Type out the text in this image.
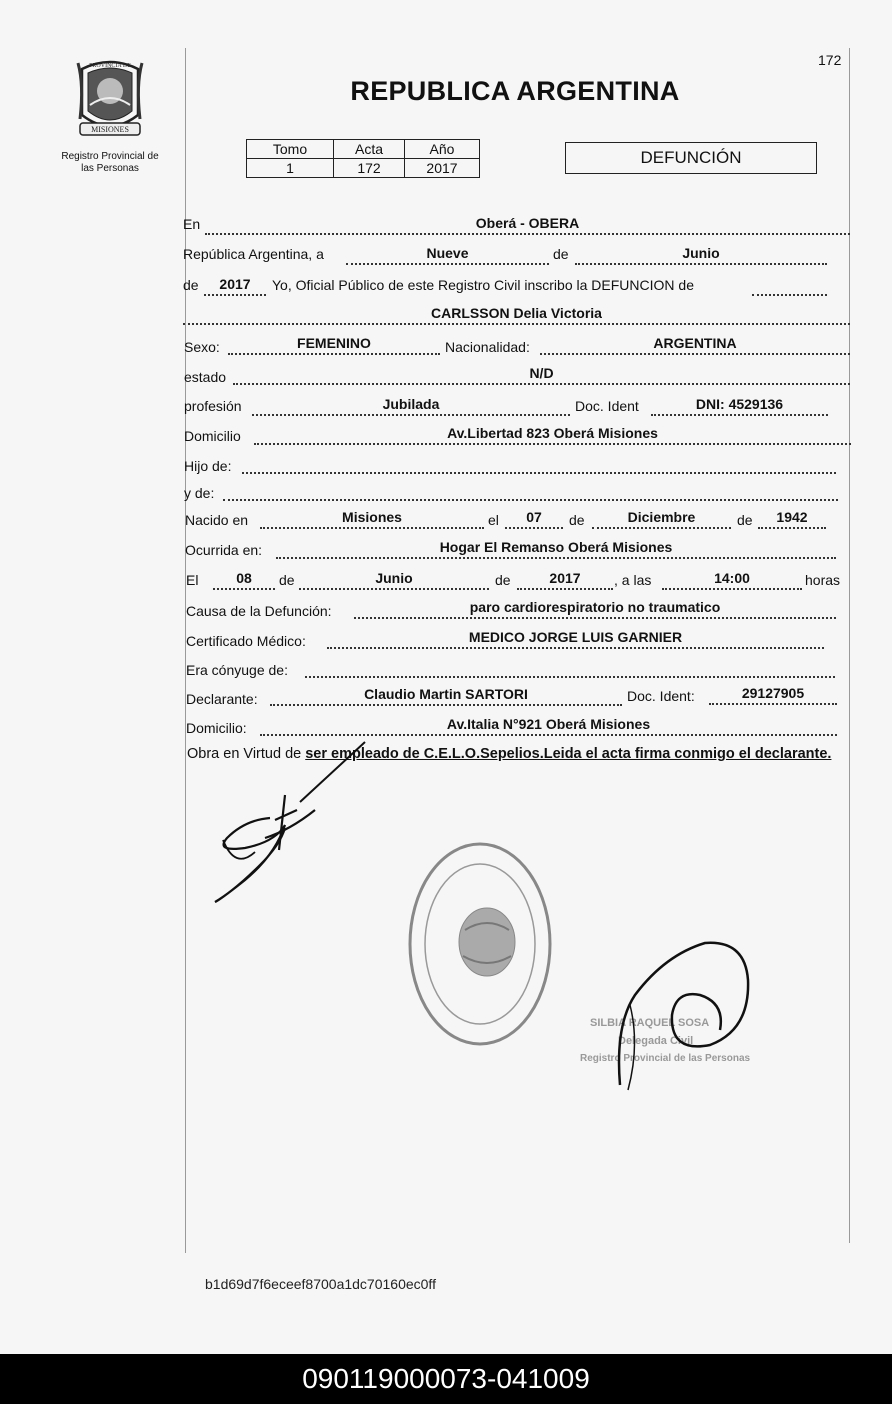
172
MISIONES
PROVINCIA DE
Registro Provincial de
las Personas
REPUBLICA ARGENTINA
Tomo	Acta	Año
1	172	2017
DEFUNCIÓN
En	Oberá - OBERA
República Argentina, a	Nueve	de	Junio
de	2017	Yo, Oficial Público de este Registro Civil inscribo la DEFUNCION de
CARLSSON Delia Victoria
Sexo:	FEMENINO	Nacionalidad:	ARGENTINA
estado	N/D
profesión	Jubilada	Doc. Ident	DNI: 4529136
Domicilio	Av.Libertad 823 Oberá Misiones
Hijo de:
y de:
Nacido en	Misiones	el	07	de	Diciembre	de	1942
Ocurrida en:	Hogar El Remanso Oberá Misiones
El	08	de	Junio	de	2017	, a las	14:00	horas
Causa de la Defunción:	paro cardiorespiratorio no traumatico
Certificado Médico:	MEDICO JORGE LUIS GARNIER
Era cónyuge de:
Declarante:	Claudio Martin SARTORI	Doc. Ident:	29127905
Domicilio:	Av.Italia N°921 Oberá Misiones
Obra en Virtud de ser empleado de C.E.L.O.Sepelios.Leida el acta firma conmigo el declarante.
SILBIA RAQUEL SOSA
Delegada Civil
Registro Provincial de las Personas
b1d69d7f6eceef8700a1dc70160ec0ff
090119000073-041009
